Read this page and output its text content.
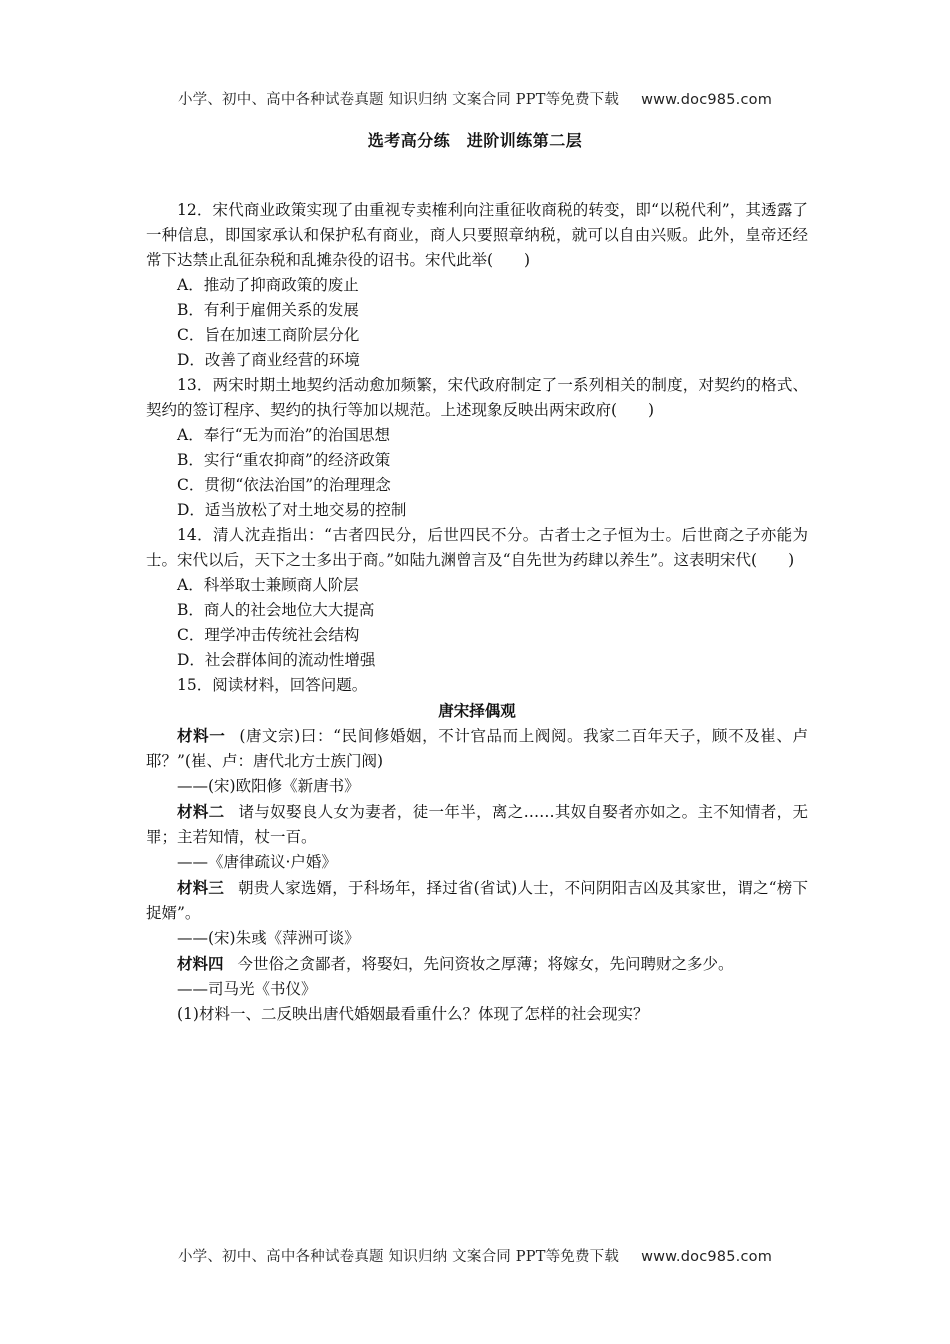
小学、初中、高中各种试卷真题 知识归纳 文案合同 PPT等免费下载 www.doc985.com
选考高分练　进阶训练第二层

12．宋代商业政策实现了由重视专卖榷利向注重征收商税的转变，即“以税代利”，其透露了一种信息，即国家承认和保护私有商业，商人只要照章纳税，就可以自由兴贩。此外，皇帝还经常下达禁止乱征杂税和乱摊杂役的诏书。宋代此举(　　)

A．推动了抑商政策的废止

B．有利于雇佣关系的发展

C．旨在加速工商阶层分化

D．改善了商业经营的环境

13．两宋时期土地契约活动愈加频繁，宋代政府制定了一系列相关的制度，对契约的格式、契约的签订程序、契约的执行等加以规范。上述现象反映出两宋政府(　　)

A．奉行“无为而治”的治国思想

B．实行“重农抑商”的经济政策

C．贯彻“依法治国”的治理理念

D．适当放松了对土地交易的控制

14．清人沈垚指出：“古者四民分，后世四民不分。古者士之子恒为士。后世商之子亦能为士。宋代以后，天下之士多出于商。”如陆九渊曾言及“自先世为药肆以养生”。这表明宋代(　　)

A．科举取士兼顾商人阶层

B．商人的社会地位大大提高

C．理学冲击传统社会结构

D．社会群体间的流动性增强

15．阅读材料，回答问题。

唐宋择偶观

材料一 (唐文宗)曰：“民间修婚姻，不计官品而上阀阅。我家二百年天子，顾不及崔、卢耶？”(崔、卢：唐代北方士族门阀)

——(宋)欧阳修《新唐书》

材料二 诸与奴娶良人女为妻者，徒一年半，离之……其奴自娶者亦如之。主不知情者，无罪；主若知情，杖一百。

——《唐律疏议·户婚》

材料三 朝贵人家选婿，于科场年，择过省(省试)人士，不问阴阳吉凶及其家世，谓之“榜下捉婿”。

——(宋)朱彧《萍洲可谈》

材料四 今世俗之贪鄙者，将娶妇，先问资妆之厚薄；将嫁女，先问聘财之多少。

——司马光《书仪》

(1)材料一、二反映出唐代婚姻最看重什么？体现了怎样的社会现实？

小学、初中、高中各种试卷真题 知识归纳 文案合同 PPT等免费下载 www.doc985.com
